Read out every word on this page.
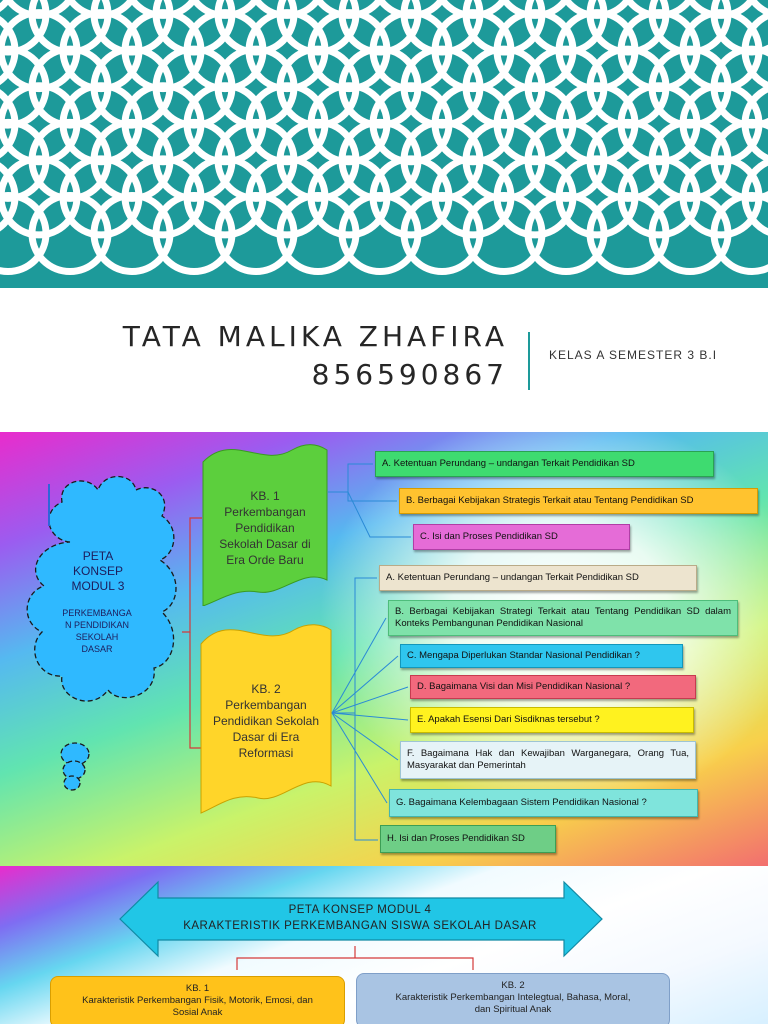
TATA MALIKA ZHAFIRA
856590867
KELAS A SEMESTER 3 B.I
PETA
KONSEP
MODUL 3
PERKEMBANGA
N PENDIDIKAN
SEKOLAH
DASAR
KB. 1
Perkembangan
Pendidikan
Sekolah Dasar di
Era Orde Baru
KB. 2
Perkembangan
Pendidikan Sekolah
Dasar di Era
Reformasi
A. Ketentuan Perundang – undangan Terkait Pendidikan SD
B. Berbagai Kebijakan Strategis Terkait atau Tentang Pendidikan SD
C. Isi dan Proses Pendidikan SD
A. Ketentuan Perundang – undangan Terkait Pendidikan SD
B. Berbagai Kebijakan Strategi Terkait atau Tentang Pendidikan SD dalam Konteks Pembangunan Pendidikan Nasional
C. Mengapa Diperlukan Standar Nasional Pendidikan ?
D. Bagaimana Visi dan Misi Pendidikan Nasional ?
E. Apakah Esensi Dari Sisdiknas tersebut ?
F. Bagaimana Hak dan Kewajiban Warganegara, Orang Tua, Masyarakat dan Pemerintah
G. Bagaimana Kelembagaan Sistem Pendidikan Nasional ?
H. Isi dan Proses Pendidikan SD
PETA KONSEP MODUL 4
KARAKTERISTIK PERKEMBANGAN SISWA SEKOLAH DASAR
KB. 1
Karakteristik Perkembangan Fisik, Motorik, Emosi, dan
Sosial Anak
KB. 2
Karakteristik Perkembangan Intelegtual, Bahasa, Moral,
dan Spiritual Anak
